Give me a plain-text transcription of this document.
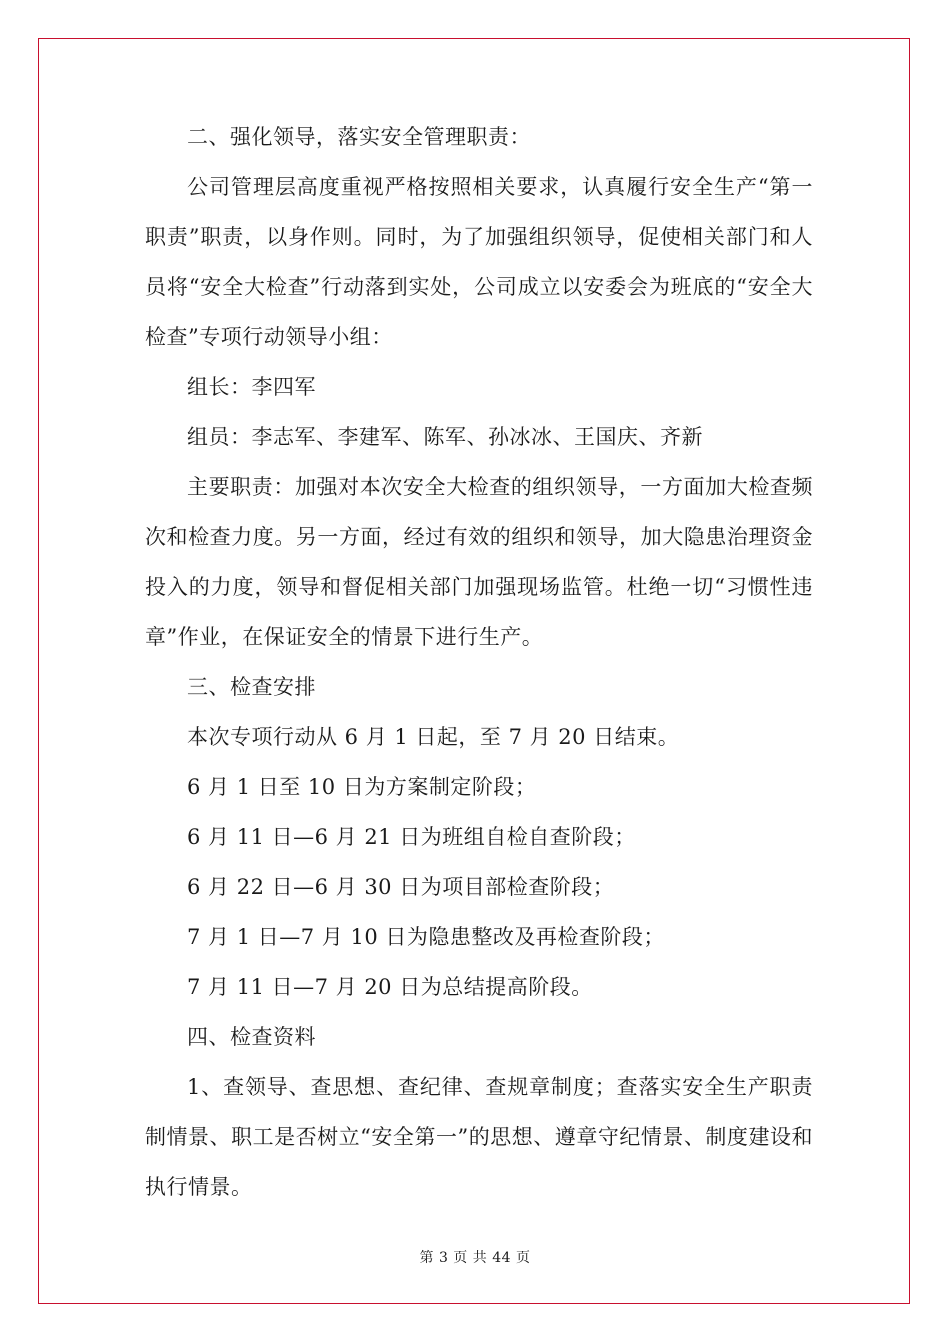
二、强化领导，落实安全管理职责：

公司管理层高度重视严格按照相关要求，认真履行安全生产“第一职责”职责，以身作则。同时，为了加强组织领导，促使相关部门和人员将“安全大检查”行动落到实处，公司成立以安委会为班底的“安全大检查”专项行动领导小组：

组长：李四军

组员：李志军、李建军、陈军、孙冰冰、王国庆、齐新

主要职责：加强对本次安全大检查的组织领导，一方面加大检查频次和检查力度。另一方面，经过有效的组织和领导，加大隐患治理资金投入的力度，领导和督促相关部门加强现场监管。杜绝一切“习惯性违章”作业，在保证安全的情景下进行生产。

三、检查安排

本次专项行动从 6 月 1 日起，至 7 月 20 日结束。

6 月 1 日至 10 日为方案制定阶段；

6 月 11 日—6 月 21 日为班组自检自查阶段；

6 月 22 日—6 月 30 日为项目部检查阶段；

7 月 1 日—7 月 10 日为隐患整改及再检查阶段；

7 月 11 日—7 月 20 日为总结提高阶段。

四、检查资料

1、查领导、查思想、查纪律、查规章制度；查落实安全生产职责制情景、职工是否树立“安全第一”的思想、遵章守纪情景、制度建设和执行情景。

第 3 页 共 44 页
